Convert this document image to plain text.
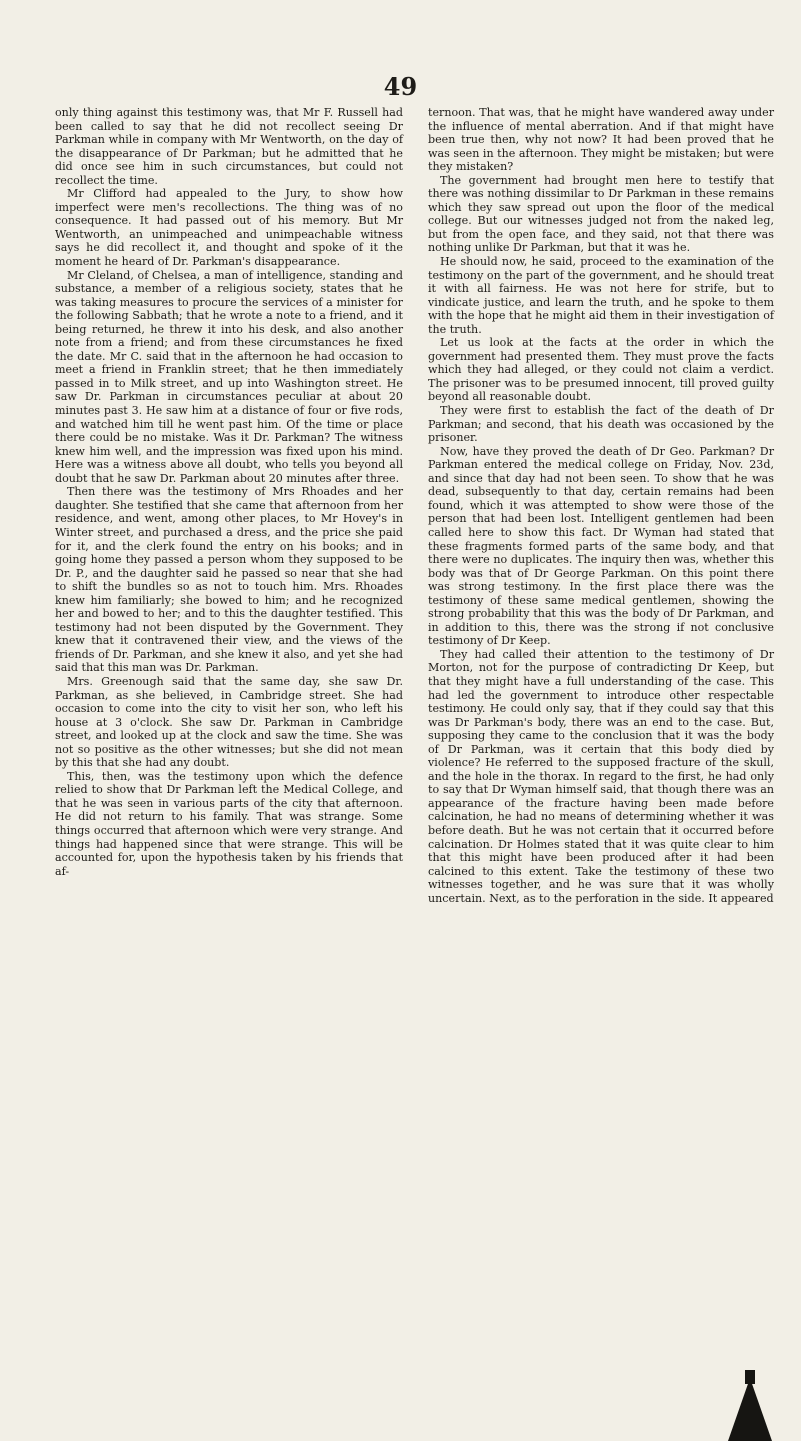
49

only thing against this testimony was, that Mr F. Russell had been called to say that he did not recollect seeing Dr Parkman while in company with Mr Wentworth, on the day of the disappearance of Dr Parkman; but he admitted that he did once see him in such circumstances, but could not recollect the time.

Mr Clifford had appealed to the Jury, to show how imperfect were men's recollections. The thing was of no consequence. It had passed out of his memory. But Mr Wentworth, an unimpeached and unimpeachable witness says he did recollect it, and thought and spoke of it the moment he heard of Dr. Parkman's disappearance.

Mr Cleland, of Chelsea, a man of intelligence, standing and substance, a member of a religious society, states that he was taking measures to procure the services of a minister for the following Sabbath; that he wrote a note to a friend, and it being returned, he threw it into his desk, and also another note from a friend; and from these circumstances he fixed the date. Mr C. said that in the afternoon he had occasion to meet a friend in Franklin street; that he then immediately passed in to Milk street, and up into Washington street. He saw Dr. Parkman in circumstances peculiar at about 20 minutes past 3. He saw him at a distance of four or five rods, and watched him till he went past him. Of the time or place there could be no mistake. Was it Dr. Parkman? The witness knew him well, and the impression was fixed upon his mind. Here was a witness above all doubt, who tells you beyond all doubt that he saw Dr. Parkman about 20 minutes after three.

Then there was the testimony of Mrs Rhoades and her daughter. She testified that she came that afternoon from her residence, and went, among other places, to Mr Hovey's in Winter street, and purchased a dress, and the price she paid for it, and the clerk found the entry on his books; and in going home they passed a person whom they supposed to be Dr. P., and the daughter said he passed so near that she had to shift the bundles so as not to touch him. Mrs. Rhoades knew him familiarly; she bowed to him; and he recognized her and bowed to her; and to this the daughter testified. This testimony had not been disputed by the Government. They knew that it contravened their view, and the views of the friends of Dr. Parkman, and she knew it also, and yet she had said that this man was Dr. Parkman.

Mrs. Greenough said that the same day, she saw Dr. Parkman, as she believed, in Cambridge street. She had occasion to come into the city to visit her son, who left his house at 3 o'clock. She saw Dr. Parkman in Cambridge street, and looked up at the clock and saw the time. She was not so positive as the other witnesses; but she did not mean by this that she had any doubt.

This, then, was the testimony upon which the defence relied to show that Dr Parkman left the Medical College, and that he was seen in various parts of the city that afternoon. He did not return to his family. That was strange. Some things occurred that afternoon which were very strange. And things had happened since that were strange. This will be accounted for, upon the hypothesis taken by his friends that af-

ternoon. That was, that he might have wandered away under the influence of mental aberration. And if that might have been true then, why not now? It had been proved that he was seen in the afternoon. They might be mistaken; but were they mistaken?

The government had brought men here to testify that there was nothing dissimilar to Dr Parkman in these remains which they saw spread out upon the floor of the medical college. But our witnesses judged not from the naked leg, but from the open face, and they said, not that there was nothing unlike Dr Parkman, but that it was he.

He should now, he said, proceed to the examination of the testimony on the part of the government, and he should treat it with all fairness. He was not here for strife, but to vindicate justice, and learn the truth, and he spoke to them with the hope that he might aid them in their investigation of the truth.

Let us look at the facts at the order in which the government had presented them. They must prove the facts which they had alleged, or they could not claim a verdict. The prisoner was to be presumed innocent, till proved guilty beyond all reasonable doubt.

They were first to establish the fact of the death of Dr Parkman; and second, that his death was occasioned by the prisoner.

Now, have they proved the death of Dr Geo. Parkman? Dr Parkman entered the medical college on Friday, Nov. 23d, and since that day had not been seen. To show that he was dead, subsequently to that day, certain remains had been found, which it was attempted to show were those of the person that had been lost. Intelligent gentlemen had been called here to show this fact. Dr Wyman had stated that these fragments formed parts of the same body, and that there were no duplicates. The inquiry then was, whether this body was that of Dr George Parkman. On this point there was strong testimony. In the first place there was the testimony of these same medical gentlemen, showing the strong probability that this was the body of Dr Parkman, and in addition to this, there was the strong if not conclusive testimony of Dr Keep.

They had called their attention to the testimony of Dr Morton, not for the purpose of contradicting Dr Keep, but that they might have a full understanding of the case. This had led the government to introduce other respectable testimony. He could only say, that if they could say that this was Dr Parkman's body, there was an end to the case. But, supposing they came to the conclusion that it was the body of Dr Parkman, was it certain that this body died by violence? He referred to the supposed fracture of the skull, and the hole in the thorax. In regard to the first, he had only to say that Dr Wyman himself said, that though there was an appearance of the fracture having been made before calcination, he had no means of determining whether it was before death. But he was not certain that it occurred before calcination. Dr Holmes stated that it was quite clear to him that this might have been produced after it had been calcined to this extent. Take the testimony of these two witnesses together, and he was sure that it was wholly uncertain. Next, as to the perforation in the side. It appeared
